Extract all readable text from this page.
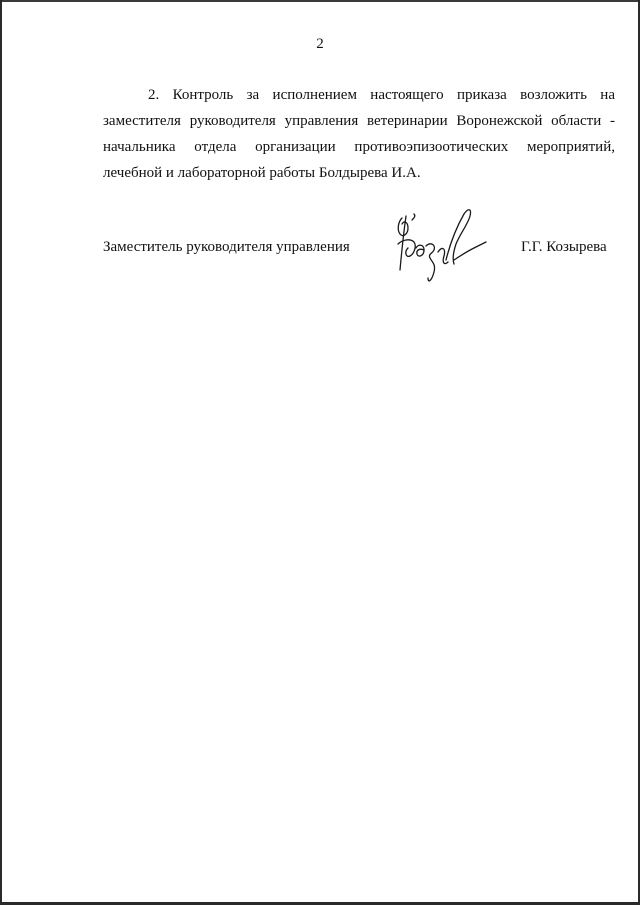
2
2. Контроль за исполнением настоящего приказа возложить на
заместителя руководителя управления ветеринарии Воронежской области -
начальника отдела организации противоэпизоотических мероприятий,
лечебной и лабораторной работы Болдырева И.А.
Заместитель руководителя управления	Г.Г. Козырева
